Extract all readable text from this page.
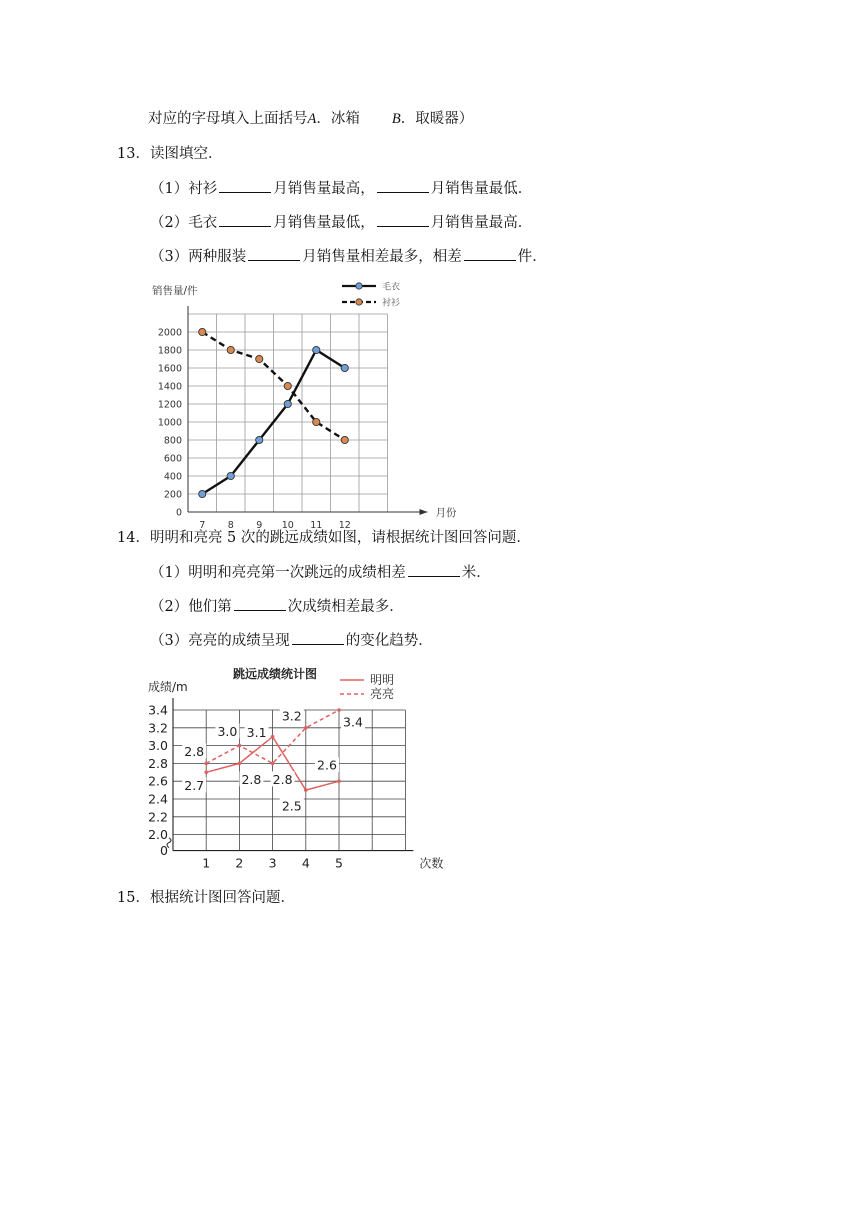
对应的字母填入上面括号A．冰箱 B．取暖器）
13．读图填空．
（1）衬衫	月销售量最高，	月销售量最低．
（2）毛衣	月销售量最低，	月销售量最高．
（3）两种服装	月销售量相差最多，相差	件．
0
200
400
600
800
1000
1200
1400
1600
1800
2000
7 8 9 10 11 12
销售量/件
月份
毛衣
衬衫
14．明明和亮亮 5 次的跳远成绩如图，请根据统计图回答问题．
（1）明明和亮亮第一次跳远的成绩相差	米．
（2）他们第	次成绩相差最多．
（3）亮亮的成绩呈现	的变化趋势．
跳远成绩统计图
0
2.0
2.2
2.4
2.6
2.8
3.0
3.2
3.4
1 2 3 4 5
成绩/m
次数
明明
亮亮
2.8
2.7
3.0
2.8
3.1
2.8
2.5
3.2
2.6
3.4
15．根据统计图回答问题．
